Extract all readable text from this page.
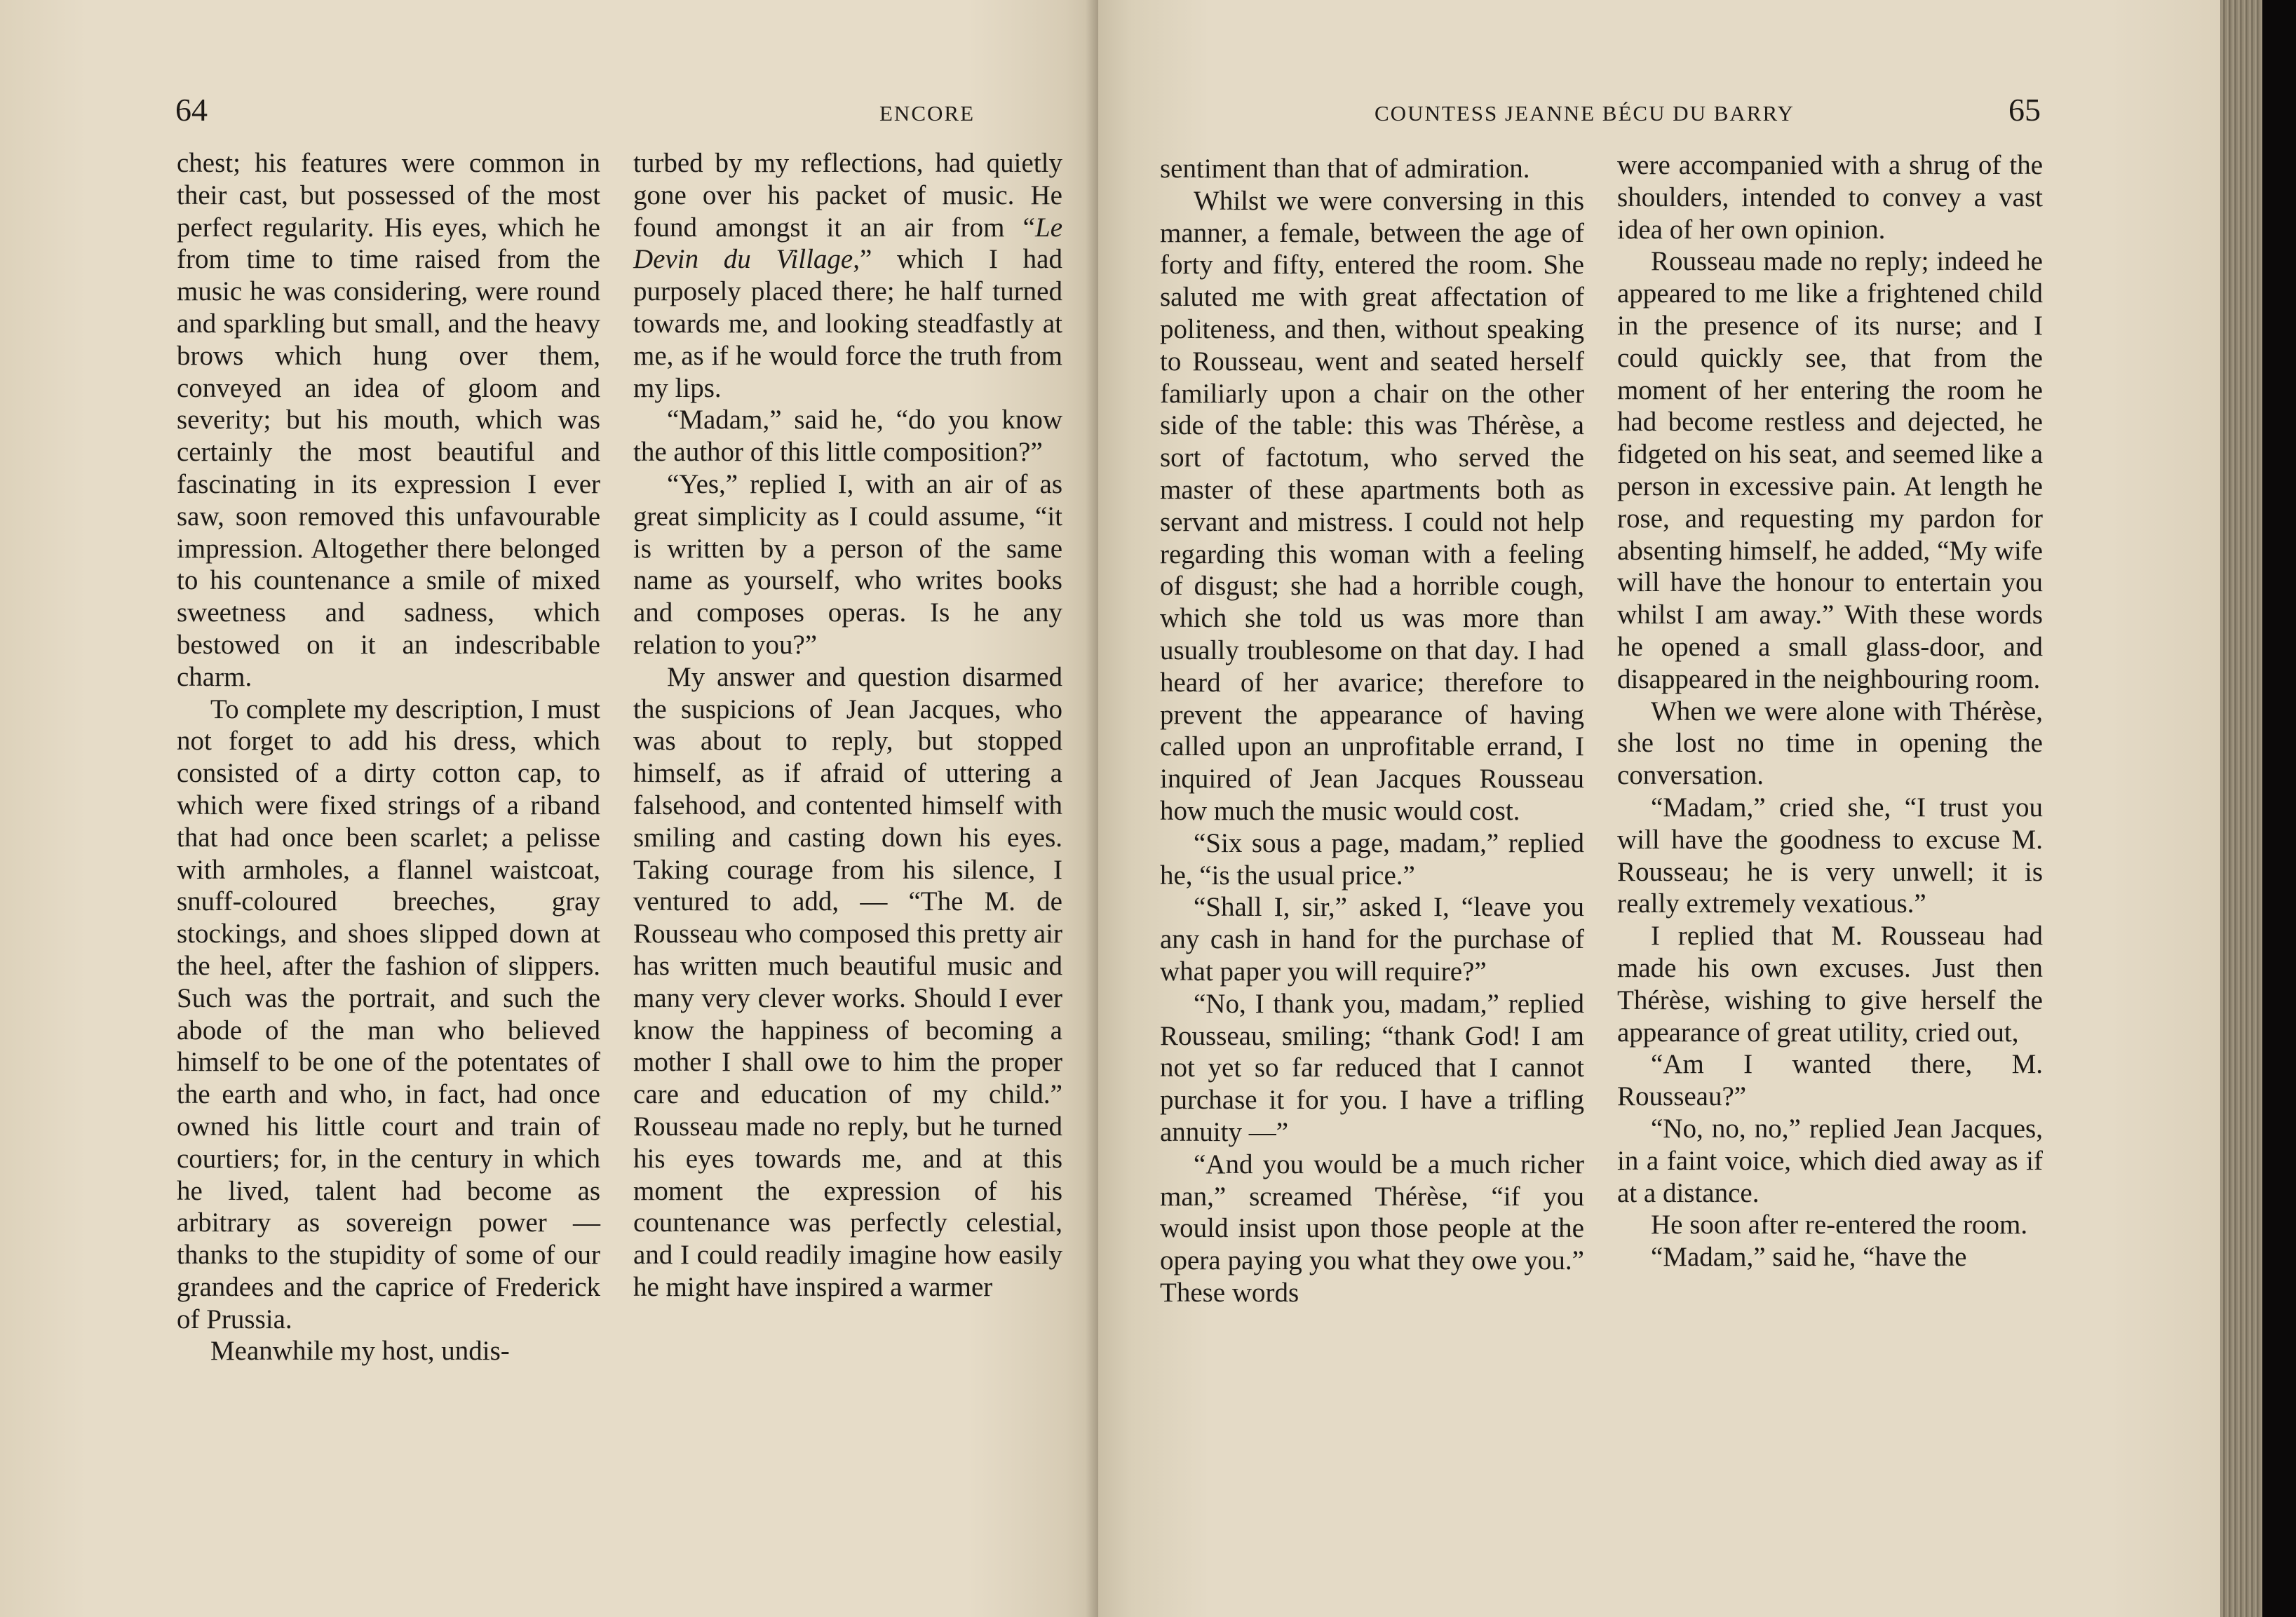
64	ENCORE

chest; his features were common in their cast, but possessed of the most perfect regularity. His eyes, which he from time to time raised from the music he was considering, were round and sparkling but small, and the heavy brows which hung over them, conveyed an idea of gloom and severity; but his mouth, which was certainly the most beautiful and fascinating in its expression I ever saw, soon removed this unfavourable impression. Altogether there belonged to his countenance a smile of mixed sweetness and sadness, which bestowed on it an indescribable charm.

To complete my description, I must not forget to add his dress, which consisted of a dirty cotton cap, to which were fixed strings of a riband that had once been scarlet; a pelisse with armholes, a flannel waistcoat, snuff-coloured breeches, gray stockings, and shoes slipped down at the heel, after the fashion of slippers. Such was the portrait, and such the abode of the man who believed himself to be one of the potentates of the earth and who, in fact, had once owned his little court and train of courtiers; for, in the century in which he lived, talent had become as arbitrary as sovereign power — thanks to the stupidity of some of our grandees and the caprice of Frederick of Prussia.

Meanwhile my host, undis-

turbed by my reflections, had quietly gone over his packet of music. He found amongst it an air from “Le Devin du Village,” which I had purposely placed there; he half turned towards me, and looking steadfastly at me, as if he would force the truth from my lips.

“Madam,” said he, “do you know the author of this little composition?”

“Yes,” replied I, with an air of as great simplicity as I could assume, “it is written by a person of the same name as yourself, who writes books and composes operas. Is he any relation to you?”

My answer and question disarmed the suspicions of Jean Jacques, who was about to reply, but stopped himself, as if afraid of uttering a falsehood, and contented himself with smiling and casting down his eyes. Taking courage from his silence, I ventured to add, — “The M. de Rousseau who composed this pretty air has written much beautiful music and many very clever works. Should I ever know the happiness of becoming a mother I shall owe to him the proper care and education of my child.” Rousseau made no reply, but he turned his eyes towards me, and at this moment the expression of his countenance was perfectly celestial, and I could readily imagine how easily he might have inspired a warmer

COUNTESS JEANNE BÉCU DU BARRY	65

sentiment than that of admiration.

Whilst we were conversing in this manner, a female, between the age of forty and fifty, entered the room. She saluted me with great affectation of politeness, and then, without speaking to Rousseau, went and seated herself familiarly upon a chair on the other side of the table: this was Thérèse, a sort of factotum, who served the master of these apartments both as servant and mistress. I could not help regarding this woman with a feeling of disgust; she had a horrible cough, which she told us was more than usually troublesome on that day. I had heard of her avarice; therefore to prevent the appearance of having called upon an unprofitable errand, I inquired of Jean Jacques Rousseau how much the music would cost.

“Six sous a page, madam,” replied he, “is the usual price.”

“Shall I, sir,” asked I, “leave you any cash in hand for the purchase of what paper you will require?”

“No, I thank you, madam,” replied Rousseau, smiling; “thank God! I am not yet so far reduced that I cannot purchase it for you. I have a trifling annuity —”

“And you would be a much richer man,” screamed Thérèse, “if you would insist upon those people at the opera paying you what they owe you.” These words

were accompanied with a shrug of the shoulders, intended to convey a vast idea of her own opinion.

Rousseau made no reply; indeed he appeared to me like a frightened child in the presence of its nurse; and I could quickly see, that from the moment of her entering the room he had become restless and dejected, he fidgeted on his seat, and seemed like a person in excessive pain. At length he rose, and requesting my pardon for absenting himself, he added, “My wife will have the honour to entertain you whilst I am away.” With these words he opened a small glass-door, and disappeared in the neighbouring room.

When we were alone with Thérèse, she lost no time in opening the conversation.

“Madam,” cried she, “I trust you will have the goodness to excuse M. Rousseau; he is very unwell; it is really extremely vexatious.”

I replied that M. Rousseau had made his own excuses. Just then Thérèse, wishing to give herself the appearance of great utility, cried out,

“Am I wanted there, M. Rousseau?”

“No, no, no,” replied Jean Jacques, in a faint voice, which died away as if at a distance.

He soon after re-entered the room.

“Madam,” said he, “have the
